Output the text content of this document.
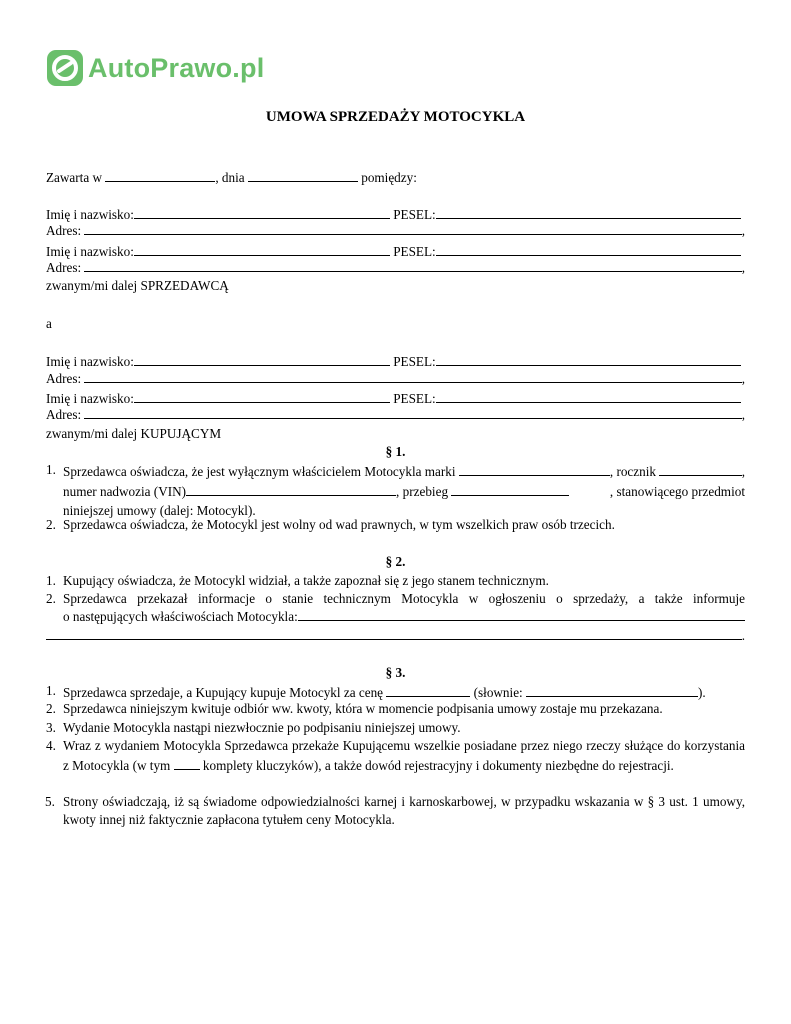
AutoPrawo.pl
UMOWA SPRZEDAŻY MOTOCYKLA
Zawarta w	, dnia	pomiędzy:
Imię i nazwisko:
	PESEL:
Adres:
	,
Imię i nazwisko:
	PESEL:
Adres:
	,
zwanym/mi dalej SPRZEDAWCĄ
a
Imię i nazwisko:
	PESEL:
Adres:
	,
Imię i nazwisko:
	PESEL:
Adres:
	,
zwanym/mi dalej KUPUJĄCYM
§ 1.
1. Sprzedawca oświadcza, że jest wyłącznym właścicielem Motocykla marki
	, rocznik
	,
numer nadwozia (VIN)	, przebieg
	, stanowiącego przedmiot
niniejszej umowy (dalej: Motocykl).
2. Sprzedawca oświadcza, że Motocykl jest wolny od wad prawnych, w tym wszelkich praw osób trzecich.
§ 2.
1. Kupujący oświadcza, że Motocykl widział, a także zapoznał się z jego stanem technicznym.
2. Sprzedawca przekazał informacje o stanie technicznym Motocykla w ogłoszeniu o sprzedaży, a także informuje
o następujących właściwościach Motocykla:
.
§ 3.
1. Sprzedawca sprzedaje, a Kupujący kupuje Motocykl za cenę

	(słownie:
	).
2. Sprzedawca niniejszym kwituje odbiór ww. kwoty, która w momencie podpisania umowy zostaje mu przekazana.
3. Wydanie Motocykla nastąpi niezwłocznie po podpisaniu niniejszej umowy.
4. Wraz z wydaniem Motocykla Sprzedawca przekaże Kupującemu wszelkie posiadane przez niego rzeczy służące do korzystania z Motocykla (w tym komplety kluczyków), a także dowód rejestracyjny i dokumenty niezbędne do rejestracji.
5. Strony oświadczają, iż są świadome odpowiedzialności karnej i karnoskarbowej, w przypadku wskazania w § 3 ust. 1 umowy, kwoty innej niż faktycznie zapłacona tytułem ceny Motocykla.
